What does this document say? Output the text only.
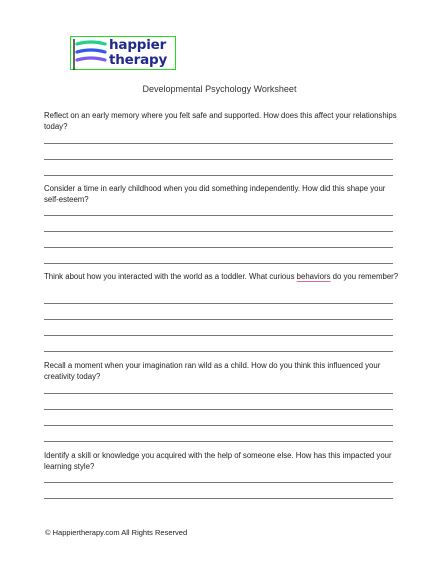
happier
therapy
Developmental Psychology Worksheet

Reflect on an early memory where you felt safe and supported. How does this affect your relationships today?

Consider a time in early childhood when you did something independently. How did this shape your self-esteem?

Think about how you interacted with the world as a toddler. What curious behaviors do you remember?

Recall a moment when your imagination ran wild as a child. How do you think this influenced your creativity today?

Identify a skill or knowledge you acquired with the help of someone else. How has this impacted your learning style?

© Happiertherapy.com All Rights Reserved
